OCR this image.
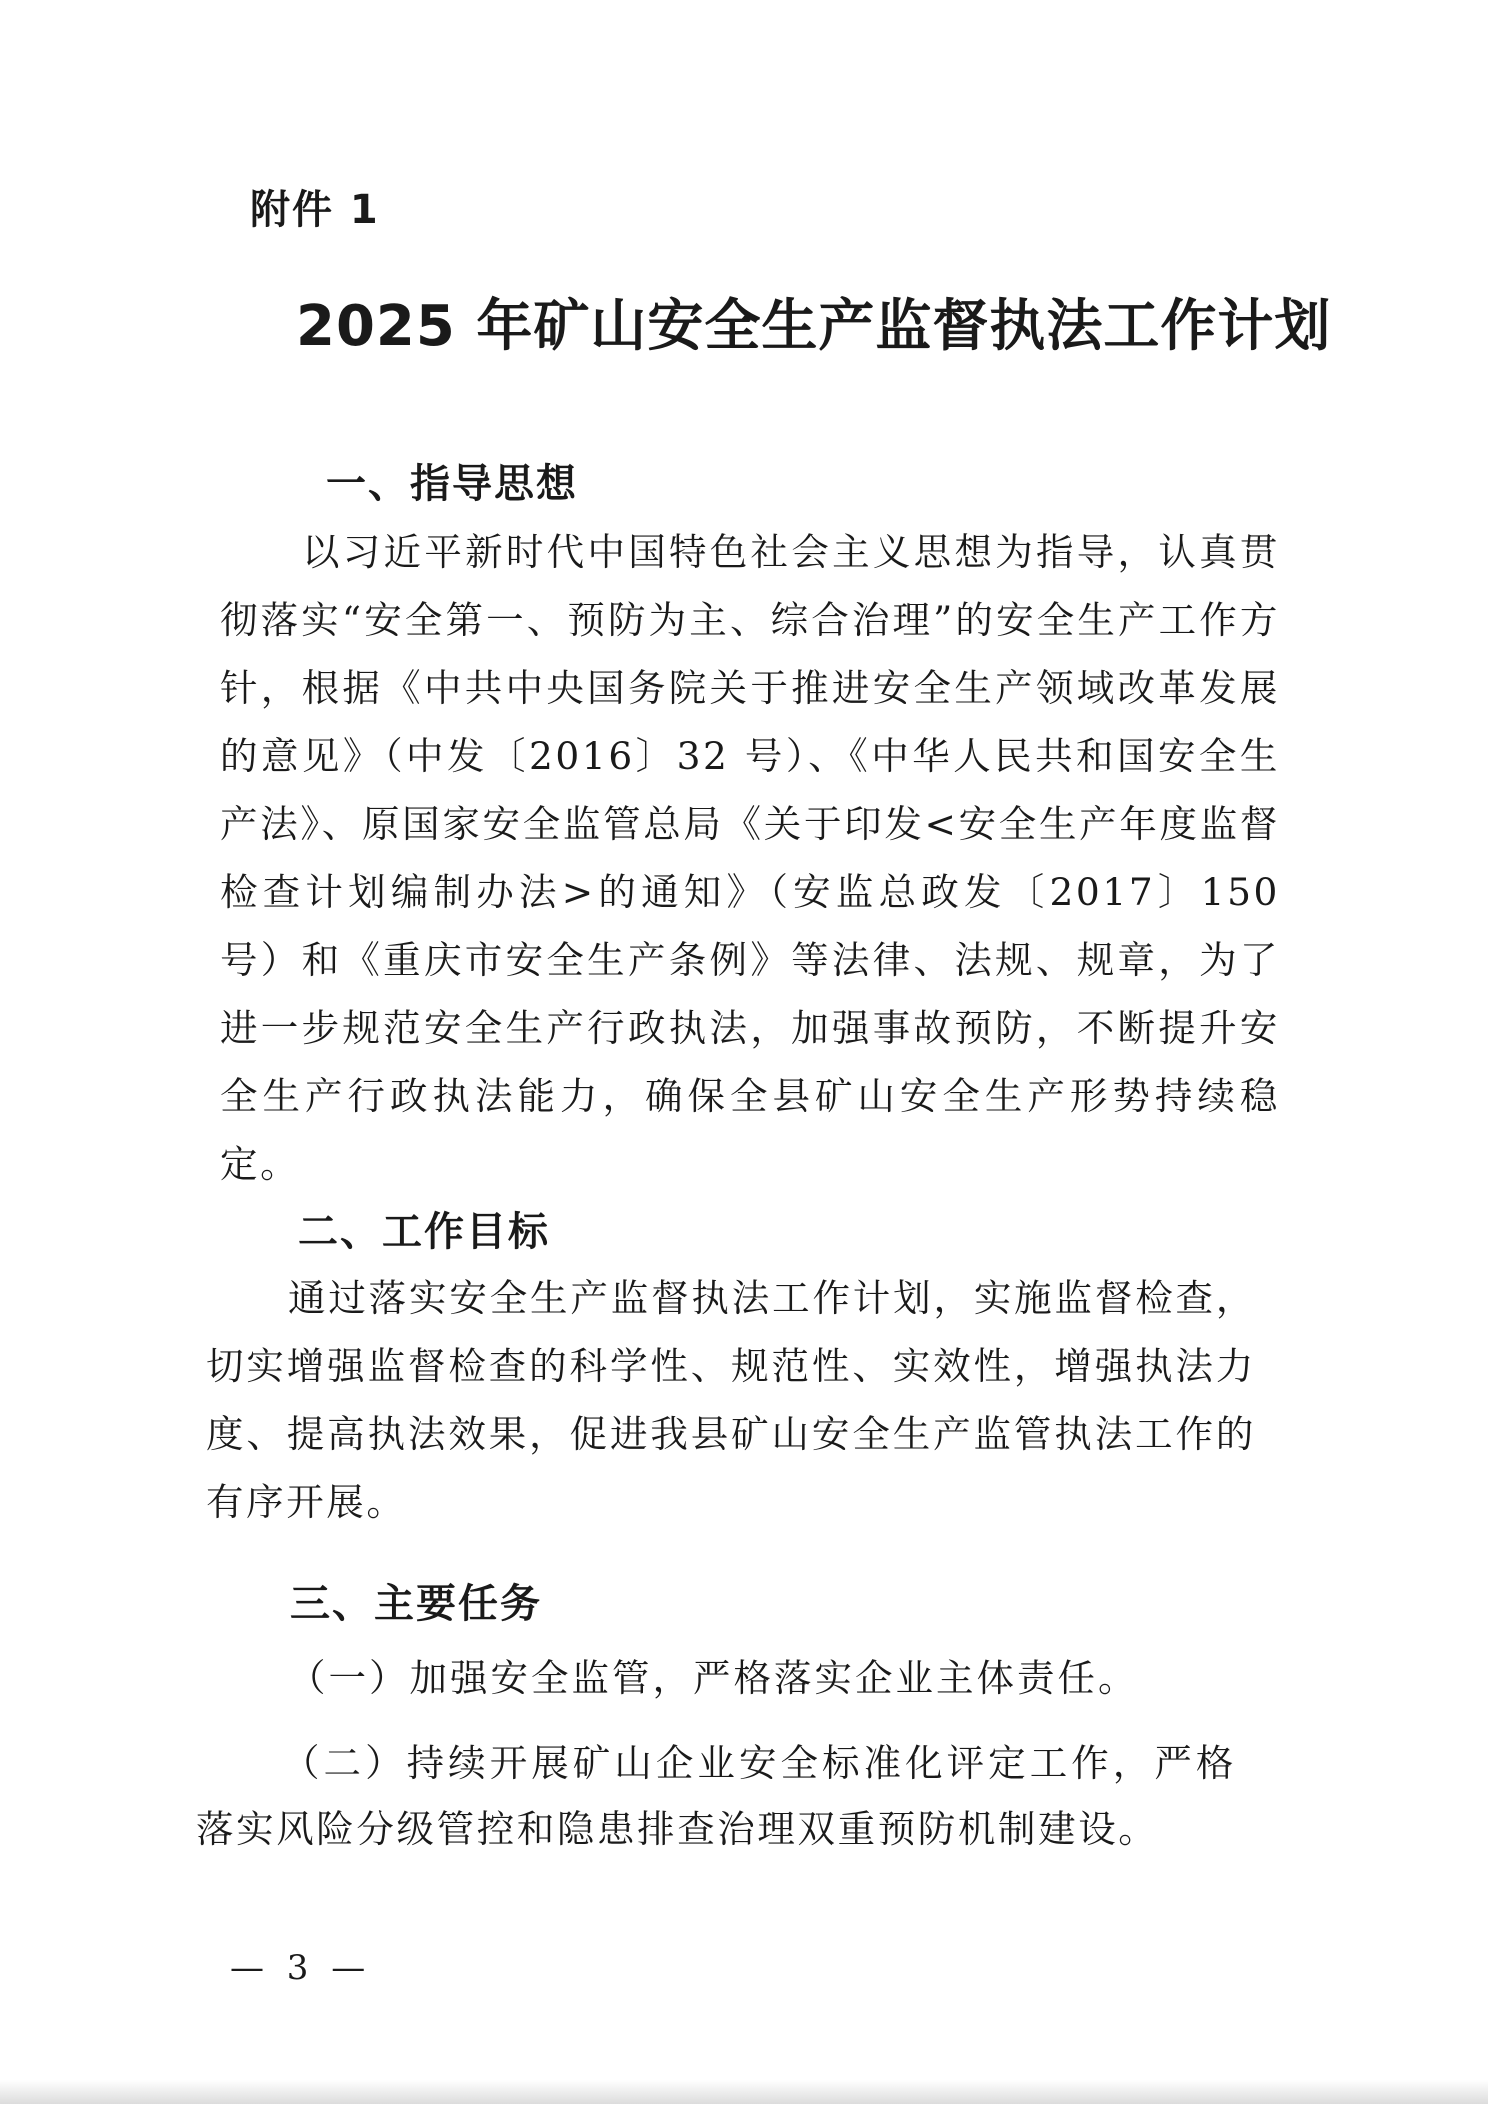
附件 1
2025 年矿山安全生产监督执法工作计划
一、指导思想

以习近平新时代中国特色社会主义思想为指导，认真贯彻落实“安全第一、预防为主、综合治理”的安全生产工作方针，根据《中共中央国务院关于推进安全生产领域改革发展的意见》（中发〔2016〕32 号）、《中华人民共和国安全生产法》、原国家安全监管总局《关于印发<安全生产年度监督检查计划编制办法>的通知》（安监总政发〔2017〕150 号）和《重庆市安全生产条例》等法律、法规、规章，为了进一步规范安全生产行政执法，加强事故预防，不断提升安全生产行政执法能力，确保全县矿山安全生产形势持续稳定。

二、工作目标

通过落实安全生产监督执法工作计划，实施监督检查，切实增强监督检查的科学性、规范性、实效性，增强执法力度、提高执法效果，促进我县矿山安全生产监管执法工作的有序开展。

三、主要任务
（一）加强安全监管，严格落实企业主体责任。

（二）持续开展矿山企业安全标准化评定工作，严格落实风险分级管控和隐患排查治理双重预防机制建设。

— 3 —
